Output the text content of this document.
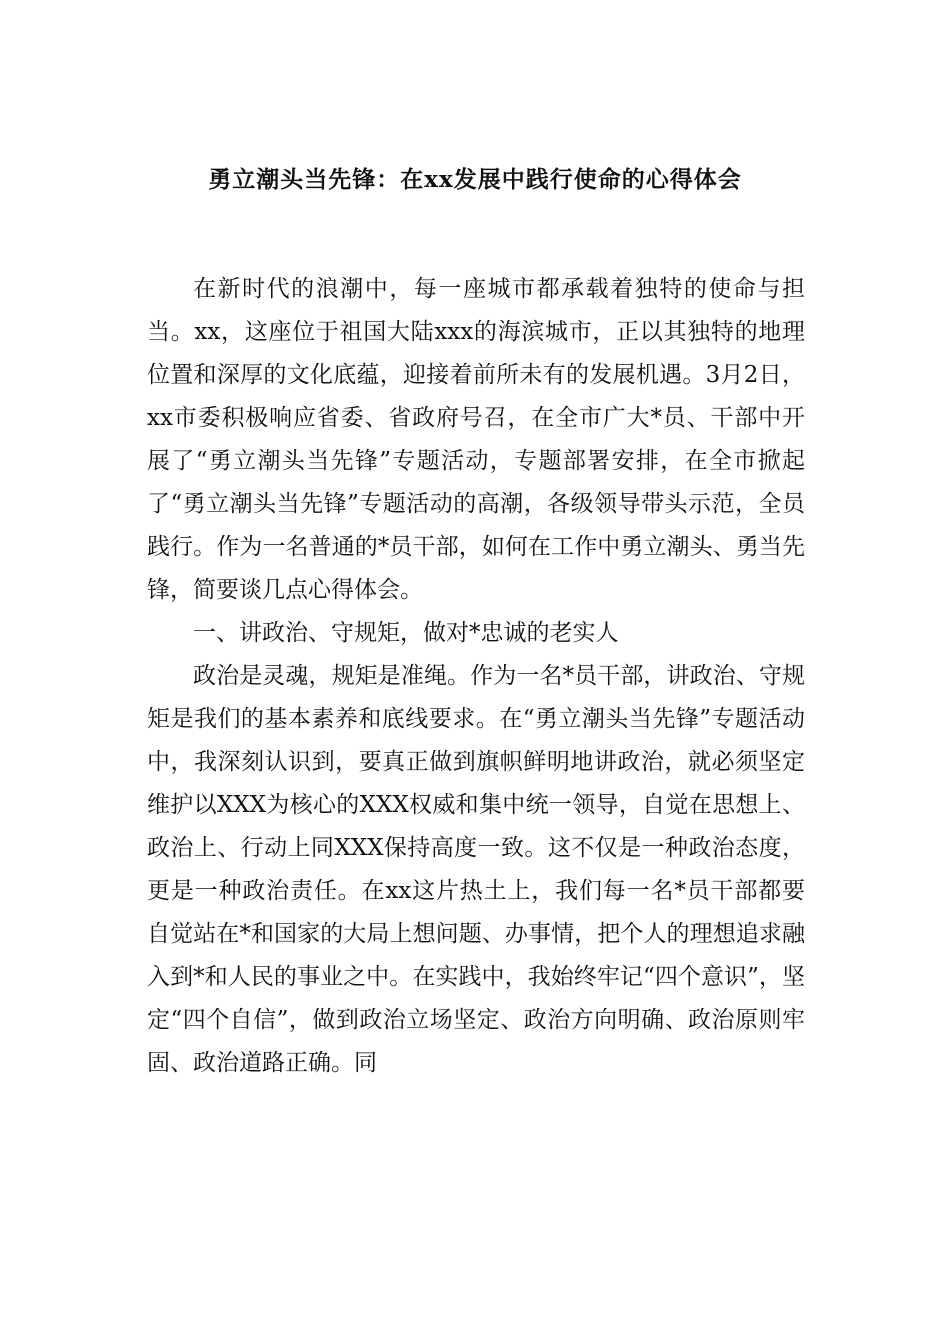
勇立潮头当先锋：在xx发展中践行使命的心得体会

在新时代的浪潮中，每一座城市都承载着独特的使命与担当。xx，这座位于祖国大陆xxx的海滨城市，正以其独特的地理位置和深厚的文化底蕴，迎接着前所未有的发展机遇。3月2日，xx市委积极响应省委、省政府号召，在全市广大*员、干部中开展了“勇立潮头当先锋”专题活动，专题部署安排，在全市掀起了“勇立潮头当先锋”专题活动的高潮，各级领导带头示范，全员践行。作为一名普通的*员干部，如何在工作中勇立潮头、勇当先锋，简要谈几点心得体会。

一、讲政治、守规矩，做对*忠诚的老实人

政治是灵魂，规矩是准绳。作为一名*员干部，讲政治、守规矩是我们的基本素养和底线要求。在“勇立潮头当先锋”专题活动中，我深刻认识到，要真正做到旗帜鲜明地讲政治，就必须坚定维护以XXX为核心的XXX权威和集中统一领导，自觉在思想上、政治上、行动上同XXX保持高度一致。这不仅是一种政治态度，更是一种政治责任。在xx这片热土上，我们每一名*员干部都要自觉站在*和国家的大局上想问题、办事情，把个人的理想追求融入到*和人民的事业之中。在实践中，我始终牢记“四个意识”，坚定“四个自信”，做到政治立场坚定、政治方向明确、政治原则牢固、政治道路正确。同
